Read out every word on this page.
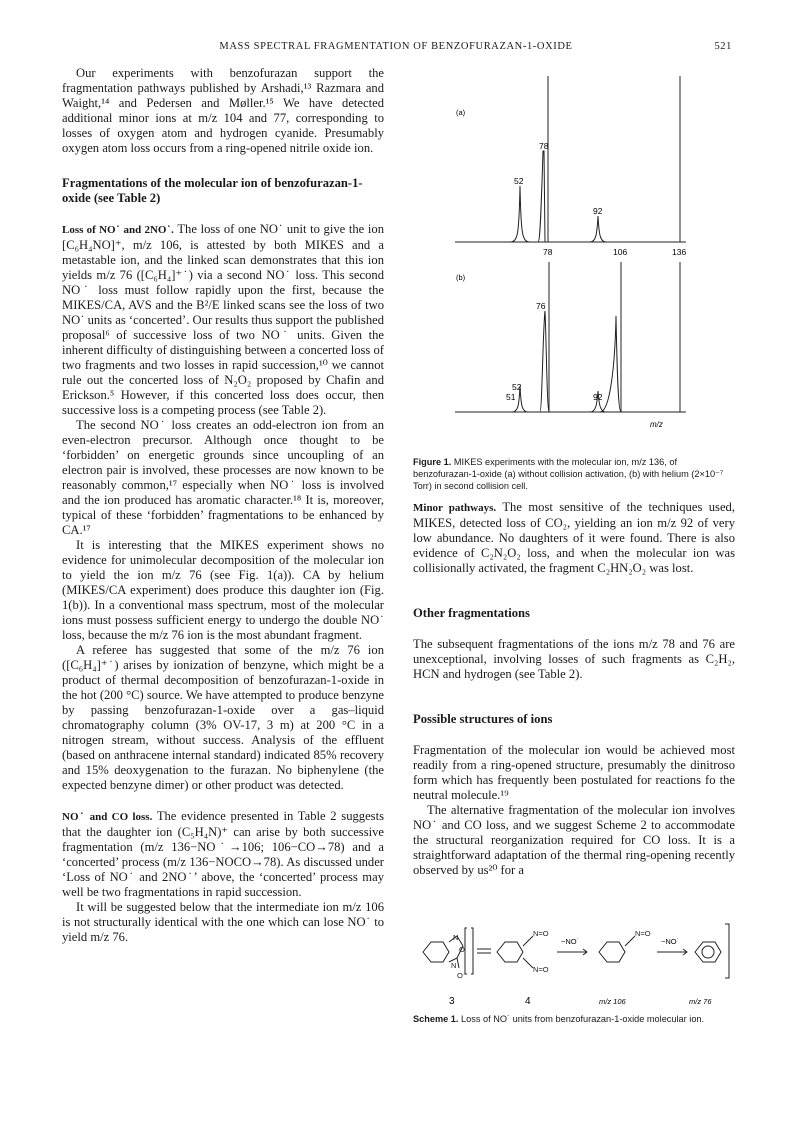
MASS SPECTRAL FRAGMENTATION OF BENZOFURAZAN-1-OXIDE	521

Our experiments with benzofurazan support the fragmentation pathways published by Arshadi,¹³ Razmara and Waight,¹⁴ and Pedersen and Møller.¹⁵ We have detected additional minor ions at m/z 104 and 77, corresponding to losses of oxygen atom and hydrogen cyanide. Presumably oxygen atom loss occurs from a ring-opened nitrile oxide ion.

Fragmentations of the molecular ion of benzofurazan-1-oxide (see Table 2)

Loss of NO˙ and 2NO˙. The loss of one NO˙ unit to give the ion [C₆H₄NO]⁺, m/z 106, is attested by both MIKES and a metastable ion, and the linked scan demonstrates that this ion yields m/z 76 ([C₆H₄]⁺˙) via a second NO˙ loss. This second NO˙ loss must follow rapidly upon the first, because the MIKES/CA, AVS and the B²/E linked scans see the loss of two NO˙ units as ‘concerted’. Our results thus support the published proposal⁶ of successive loss of two NO˙ units. Given the inherent difficulty of distinguishing between a concerted loss of two fragments and two losses in rapid succession,¹⁰ we cannot rule out the concerted loss of N₂O₂ proposed by Chafin and Erickson.⁵ However, if this concerted loss does occur, then successive loss is a competing process (see Table 2).

The second NO˙ loss creates an odd-electron ion from an even-electron precursor. Although once thought to be ‘forbidden’ on energetic grounds since uncoupling of an electron pair is involved, these processes are now known to be reasonably common,¹⁷ especially when NO˙ loss is involved and the ion produced has aromatic character.¹⁸ It is, moreover, typical of these ‘forbidden’ fragmentations to be enhanced by CA.¹⁷

It is interesting that the MIKES experiment shows no evidence for unimolecular decomposition of the molecular ion to yield the ion m/z 76 (see Fig. 1(a)). CA by helium (MIKES/CA experiment) does produce this daughter ion (Fig. 1(b)). In a conventional mass spectrum, most of the molecular ions must possess sufficient energy to undergo the double NO˙ loss, because the m/z 76 ion is the most abundant fragment.

A referee has suggested that some of the m/z 76 ion ([C₆H₄]⁺˙) arises by ionization of benzyne, which might be a product of thermal decomposition of benzofurazan-1-oxide in the hot (200 °C) source. We have attempted to produce benzyne by passing benzofurazan-1-oxide over a gas–liquid chromatography column (3% OV-17, 3 m) at 200 °C in a nitrogen stream, without success. Analysis of the effluent (based on anthracene internal standard) indicated 85% recovery and 15% deoxygenation to the furazan. No biphenylene (the expected benzyne dimer) or other product was detected.

NO˙ and CO loss. The evidence presented in Table 2 suggests that the daughter ion (C₅H₄N)⁺ can arise by both successive fragmentation (m/z 136−NO˙→106; 106−CO→78) and a ‘concerted’ process (m/z 136−NOCO→78). As discussed under ‘Loss of NO˙ and 2NO˙’ above, the ‘concerted’ process may well be two fragmentations in rapid succession.

It will be suggested below that the intermediate ion m/z 106 is not structurally identical with the one which can lose NO˙ to yield m/z 76.

(a)
(b)
52
78
92
78	106	136
76
52
51	92
m/z
Figure 1. MIKES experiments with the molecular ion, m/z 136, of benzofurazan-1-oxide (a) without collision activation, (b) with helium (2×10⁻⁷ Torr) in second collision cell.

Minor pathways. The most sensitive of the techniques used, MIKES, detected loss of CO₂, yielding an ion m/z 92 of very low abundance. No daughters of it were found. There is also evidence of C₂N₂O₂ loss, and when the molecular ion was collisionally activated, the fragment C₂HN₂O₂ was lost.

Other fragmentations

The subsequent fragmentations of the ions m/z 78 and 76 are unexceptional, involving losses of such fragments as C₂H₂, HCN and hydrogen (see Table 2).

Possible structures of ions

Fragmentation of the molecular ion would be achieved most readily from a ring-opened structure, presumably the dinitroso form which has frequently been postulated for reactions fo the neutral molecule.¹⁹

The alternative fragmentation of the molecular ion involves NO˙ and CO loss, and we suggest Scheme 2 to accommodate the structural reorganization required for CO loss. It is a straightforward adaptation of the thermal ring-opening recently observed by us²⁰ for a

N
O
N
O⁻
N=O
N=O
N=O
3	4
−NO˙	−NO˙
m/z 106	m/z 76
Scheme 1. Loss of NO˙ units from benzofurazan-1-oxide molecular ion.
